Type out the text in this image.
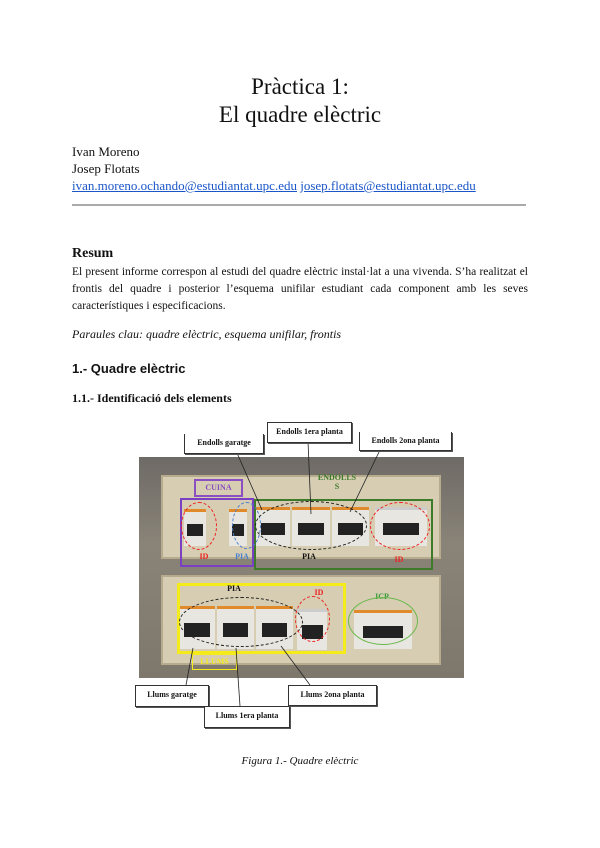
Pràctica 1:
El quadre elèctric
Ivan Moreno
Josep Flotats
ivan.moreno.ochando@estudiantat.upc.edu josep.flotats@estudiantat.upc.edu
Resum
El present informe correspon al estudi del quadre elèctric instal·lat a una vivenda. S’ha realitzat el frontis del quadre i posterior l’esquema unifilar estudiant cada component amb les seves característiques i especificacions.
Paraules clau: quadre elèctric, esquema unifilar, frontis
1.- Quadre elèctric
1.1.- Identificació dels elements
CUINA
ENDOLLS
S
ID	PIA	PIA	ID
PIA	ID	ICP
LLUMS
Endolls garatge
Endolls 1era planta
Endolls 2ona planta
Llums garatge
Llums 1era planta
Llums 2ona planta
Figura 1.- Quadre elèctric
